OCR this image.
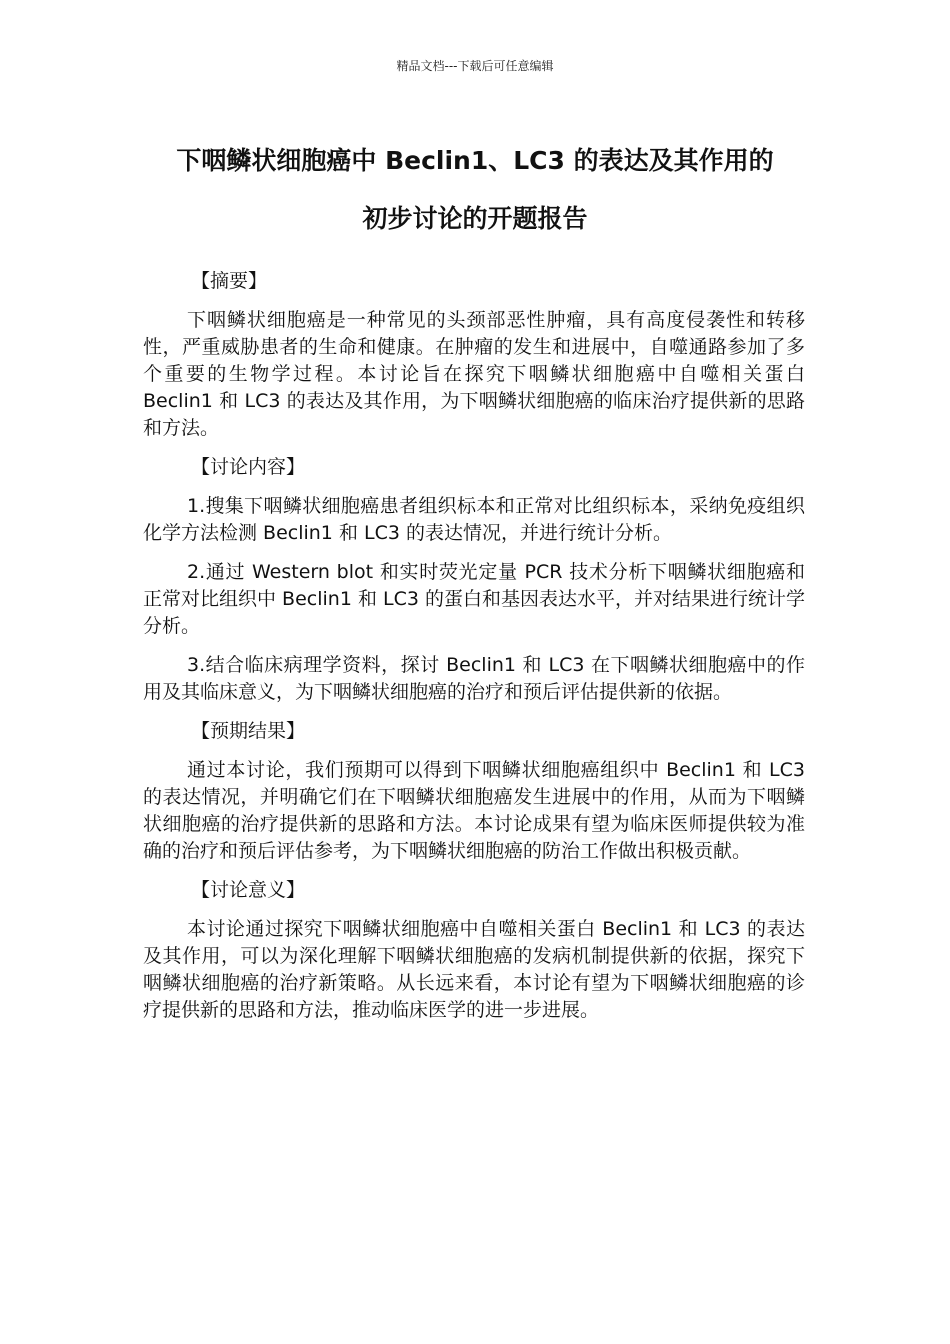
精品文档---下载后可任意编辑
下咽鳞状细胞癌中 Beclin1、LC3 的表达及其作用的
初步讨论的开题报告

【摘要】

下咽鳞状细胞癌是一种常见的头颈部恶性肿瘤，具有高度侵袭性和转移性，严重威胁患者的生命和健康。在肿瘤的发生和进展中，自噬通路参加了多个重要的生物学过程。本讨论旨在探究下咽鳞状细胞癌中自噬相关蛋白 Beclin1 和 LC3 的表达及其作用，为下咽鳞状细胞癌的临床治疗提供新的思路和方法。

【讨论内容】

1.搜集下咽鳞状细胞癌患者组织标本和正常对比组织标本，采纳免疫组织化学方法检测 Beclin1 和 LC3 的表达情况，并进行统计分析。

2.通过 Western blot 和实时荧光定量 PCR 技术分析下咽鳞状细胞癌和正常对比组织中 Beclin1 和 LC3 的蛋白和基因表达水平，并对结果进行统计学分析。

3.结合临床病理学资料，探讨 Beclin1 和 LC3 在下咽鳞状细胞癌中的作用及其临床意义，为下咽鳞状细胞癌的治疗和预后评估提供新的依据。

【预期结果】

通过本讨论，我们预期可以得到下咽鳞状细胞癌组织中 Beclin1 和 LC3 的表达情况，并明确它们在下咽鳞状细胞癌发生进展中的作用，从而为下咽鳞状细胞癌的治疗提供新的思路和方法。本讨论成果有望为临床医师提供较为准确的治疗和预后评估参考，为下咽鳞状细胞癌的防治工作做出积极贡献。

【讨论意义】

本讨论通过探究下咽鳞状细胞癌中自噬相关蛋白 Beclin1 和 LC3 的表达及其作用，可以为深化理解下咽鳞状细胞癌的发病机制提供新的依据，探究下咽鳞状细胞癌的治疗新策略。从长远来看，本讨论有望为下咽鳞状细胞癌的诊疗提供新的思路和方法，推动临床医学的进一步进展。
